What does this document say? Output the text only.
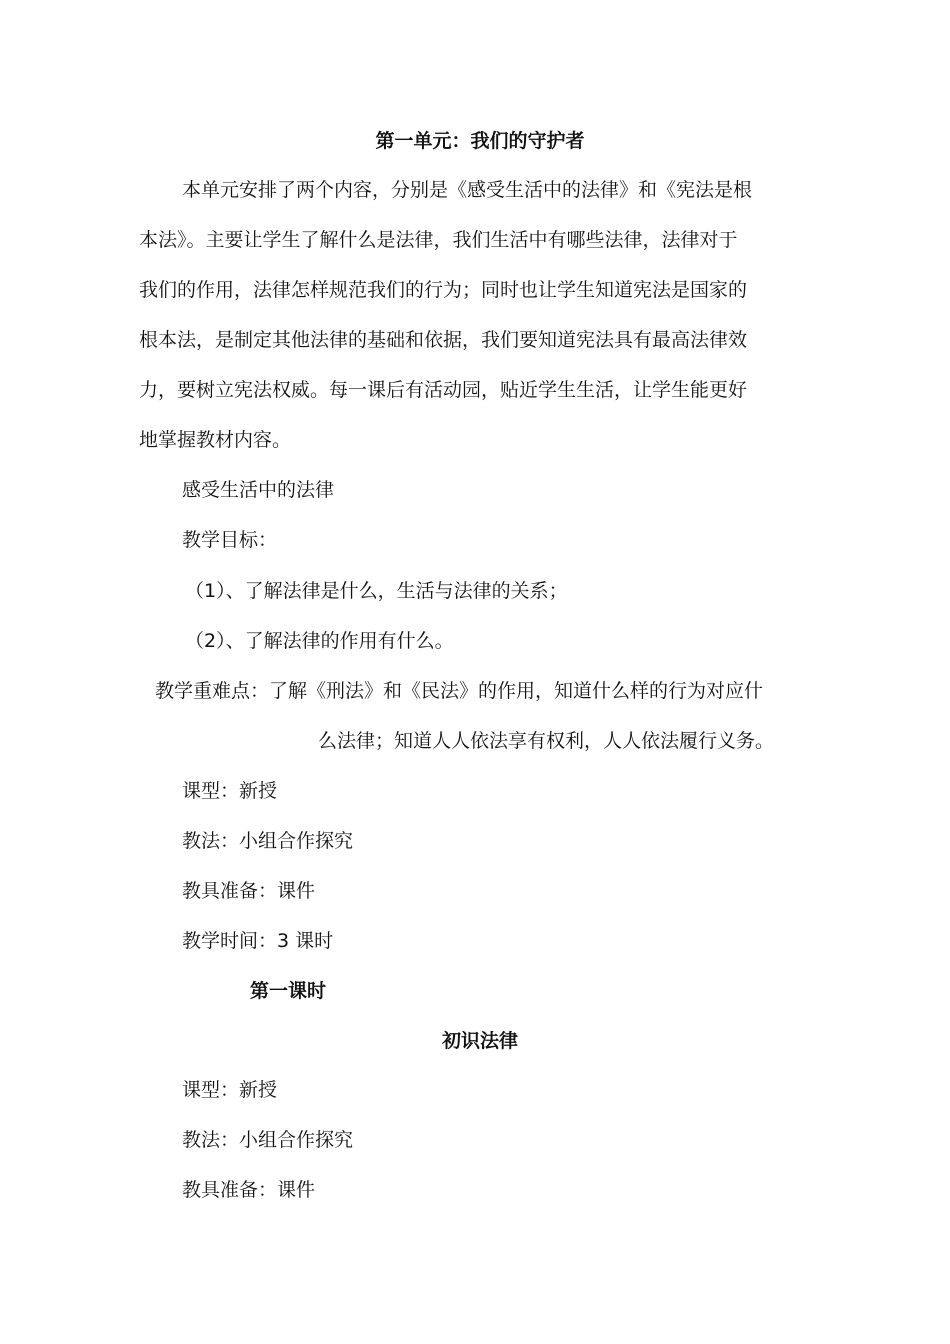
第一单元：我们的守护者
本单元安排了两个内容，分别是《感受生活中的法律》和《宪法是根
本法》。主要让学生了解什么是法律，我们生活中有哪些法律，法律对于
我们的作用，法律怎样规范我们的行为；同时也让学生知道宪法是国家的
根本法，是制定其他法律的基础和依据，我们要知道宪法具有最高法律效
力，要树立宪法权威。每一课后有活动园，贴近学生生活，让学生能更好
地掌握教材内容。
感受生活中的法律
教学目标：
（1）、了解法律是什么，生活与法律的关系；
（2）、了解法律的作用有什么。
教学重难点：了解《刑法》和《民法》的作用，知道什么样的行为对应什
么法律；知道人人依法享有权利，人人依法履行义务。
课型：新授
教法：小组合作探究
教具准备：课件
教学时间：3 课时
第一课时
初识法律
课型：新授
教法：小组合作探究
教具准备：课件
